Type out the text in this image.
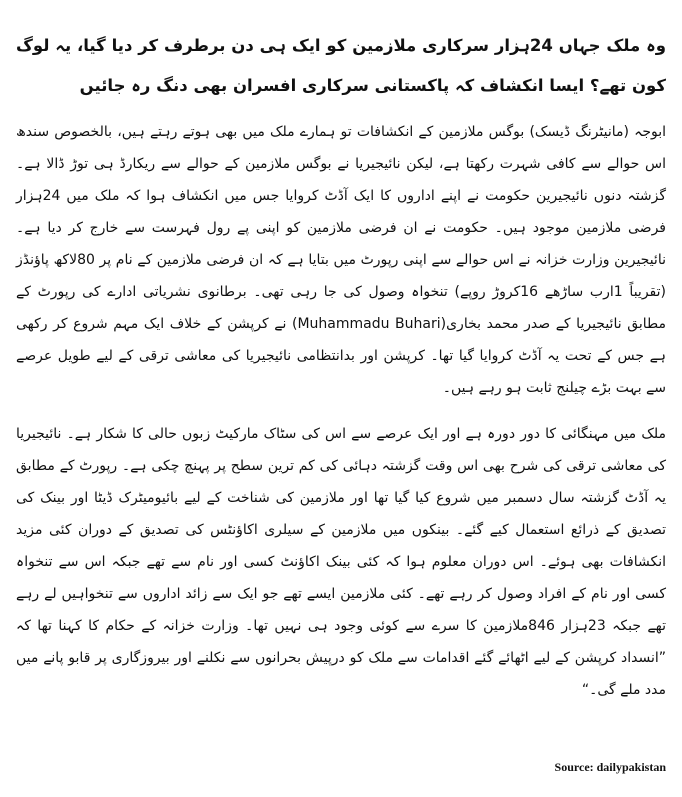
وہ ملک جہاں 24ہزار سرکاری ملازمین کو ایک ہی دن برطرف کر دیا گیا، یہ لوگ کون تھے؟ ایسا انکشاف کہ پاکستانی سرکاری افسران بھی دنگ رہ جائیں

ابوجہ (مانیٹرنگ ڈیسک) بوگس ملازمین کے انکشافات تو ہمارے ملک میں بھی ہوتے رہتے ہیں، بالخصوص سندھ اس حوالے سے کافی شہرت رکھتا ہے، لیکن نائیجیریا نے بوگس ملازمین کے حوالے سے ریکارڈ ہی توڑ ڈالا ہے۔ گزشتہ دنوں نائیجیرین حکومت نے اپنے اداروں کا ایک آڈٹ کروایا جس میں انکشاف ہوا کہ ملک میں 24ہزار فرضی ملازمین موجود ہیں۔ حکومت نے ان فرضی ملازمین کو اپنی پے رول فہرست سے خارج کر دیا ہے۔ نائیجیرین وزارت خزانہ نے اس حوالے سے اپنی رپورٹ میں بتایا ہے کہ ان فرضی ملازمین کے نام پر 80لاکھ پاﺅنڈز (تقریباً 1ارب ساڑھے 16کروڑ روپے) تنخواہ وصول کی جا رہی تھی۔ برطانوی نشریاتی ادارے کی رپورٹ کے مطابق نائیجیریا کے صدر محمد بخاری(Muhammadu Buhari) نے کرپشن کے خلاف ایک مہم شروع کر رکھی ہے جس کے تحت یہ آڈٹ کروایا گیا تھا۔ کرپشن اور بدانتظامی نائیجیریا کی معاشی ترقی کے لیے طویل عرصے سے بہت بڑے چیلنج ثابت ہو رہے ہیں۔

ملک میں مہنگائی کا دور دورہ ہے اور ایک عرصے سے اس کی سٹاک مارکیٹ زبوں حالی کا شکار ہے۔ نائیجیریا کی معاشی ترقی کی شرح بھی اس وقت گزشتہ دہائی کی کم ترین سطح پر پہنچ چکی ہے۔ رپورٹ کے مطابق یہ آڈٹ گزشتہ سال دسمبر میں شروع کیا گیا تھا اور ملازمین کی شناخت کے لیے بائیومیٹرک ڈیٹا اور بینک کی تصدیق کے ذرائع استعمال کیے گئے۔ بینکوں میں ملازمین کے سیلری اکاﺅنٹس کی تصدیق کے دوران کئی مزید انکشافات بھی ہوئے۔ اس دوران معلوم ہوا کہ کئی بینک اکاﺅنٹ کسی اور نام سے تھے جبکہ اس سے تنخواہ کسی اور نام کے افراد وصول کر رہے تھے۔ کئی ملازمین ایسے تھے جو ایک سے زائد اداروں سے تنخواہیں لے رہے تھے جبکہ 23ہزار 846ملازمین کا سرے سے کوئی وجود ہی نہیں تھا۔ وزارت خزانہ کے حکام کا کہنا تھا کہ ”انسداد کرپشن کے لیے اٹھائے گئے اقدامات سے ملک کو درپیش بحرانوں سے نکلنے اور بیروزگاری پر قابو پانے میں مدد ملے گی۔“

Source: dailypakistan
